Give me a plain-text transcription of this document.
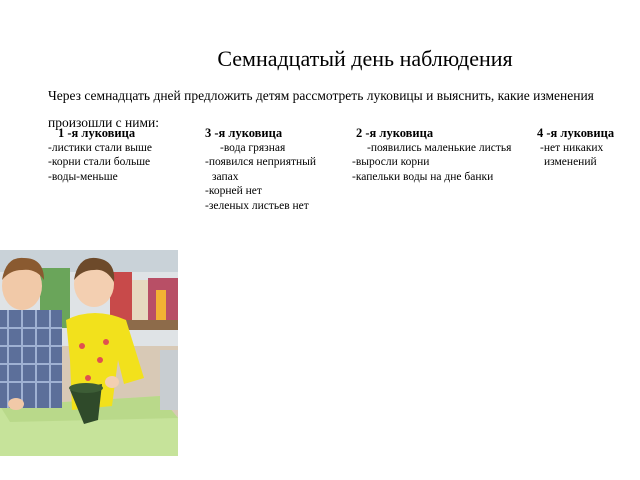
Семнадцатый день наблюдения
Через семнадцать дней предложить детям рассмотреть луковицы и выяснить, какие изменения произошли с ними:
1 -я луковица
-листики стали выше
-корни стали больше
-воды-меньше
3 -я луковица
-вода грязная
-появился неприятный
запах
-корней нет
-зеленых листьев нет
2 -я луковица
-появились маленькие листья
-выросли корни
-капельки воды на дне банки
4 -я луковица
-нет никаких
изменений
